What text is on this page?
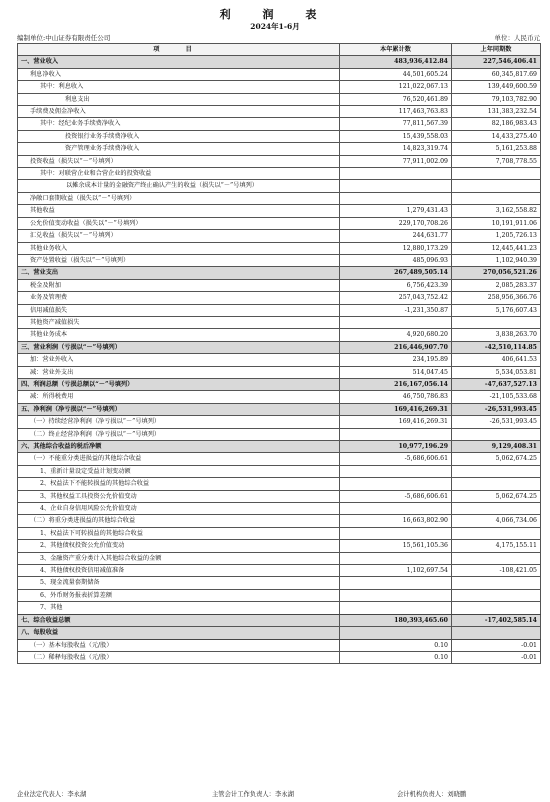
利 润 表
2024年1-6月
编制单位:中山证券有限责任公司	单位：人民币元
项 目	本年累计数	上年同期数
一、营业收入	483,936,412.84	227,546,406.41
利息净收入	44,501,605.24	60,345,817.69
其中：利息收入	121,022,067.13	139,449,600.59
利息支出	76,520,461.89	79,103,782.90
手续费及佣金净收入	117,463,763.83	131,383,232.54
其中：经纪业务手续费净收入	77,811,567.39	82,186,983.43
投资银行业务手续费净收入	15,439,558.03	14,433,275.40
资产管理业务手续费净收入	14,823,319.74	5,161,253.88
投资收益（损失以“－”号填列）	77,911,002.09	7,708,778.55
其中：对联营企业和合营企业的投资收益		
以摊余成本计量的金融资产终止确认产生的收益（损失以“－”号填列）		
净敞口套期收益（损失以“－”号填列）		
其他收益	1,279,431.43	3,162,558.82
公允价值变动收益（损失以“－”号填列）	229,170,708.26	10,191,911.06
汇兑收益（损失以“－”号填列）	244,631.77	1,205,726.13
其他业务收入	12,880,173.29	12,445,441.23
资产处置收益（损失以“－”号填列）	485,096.93	1,102,940.39
二、营业支出	267,489,505.14	270,056,521.26
税金及附加	6,756,423.39	2,085,283.37
业务及管理费	257,043,752.42	258,956,366.76
信用减值损失	-1,231,350.87	5,176,607.43
其他资产减值损失		
其他业务成本	4,920,680.20	3,838,263.70
三、营业利润（亏损以“－”号填列）	216,446,907.70	-42,510,114.85
加：营业外收入	234,195.89	406,641.53
减：营业外支出	514,047.45	5,534,053.81
四、利润总额（亏损总额以“－”号填列）	216,167,056.14	-47,637,527.13
减：所得税费用	46,750,786.83	-21,105,533.68
五、净利润（净亏损以“－”号填列）	169,416,269.31	-26,531,993.45
（一）持续经营净利润（净亏损以“－”号填列）	169,416,269.31	-26,531,993.45
（二）终止经营净利润（净亏损以“－”号填列）		
六、其他综合收益的税后净额	10,977,196.29	9,129,408.31
（一）不能重分类进损益的其他综合收益	-5,686,606.61	5,062,674.25
1、重新计量设定受益计划变动额		
2、权益法下不能转损益的其他综合收益		
3、其他权益工具投资公允价值变动	-5,686,606.61	5,062,674.25
4、企业自身信用风险公允价值变动		
（二）将重分类进损益的其他综合收益	16,663,802.90	4,066,734.06
1、权益法下可转损益的其他综合收益		
2、其他债权投资公允价值变动	15,561,105.36	4,175,155.11
3、金融资产重分类计入其他综合收益的金额		
4、其他债权投资信用减值准备	1,102,697.54	-108,421.05
5、现金流量套期储备		
6、外币财务报表折算差额		
7、其他		
七、综合收益总额	180,393,465.60	-17,402,585.14
八、每股收益		
（一）基本每股收益（元/股）	0.10	-0.01
（二）稀释每股收益（元/股）	0.10	-0.01
企业法定代表人：李永湖	主管会计工作负责人：李永湖	会计机构负责人：刘晓鹏
